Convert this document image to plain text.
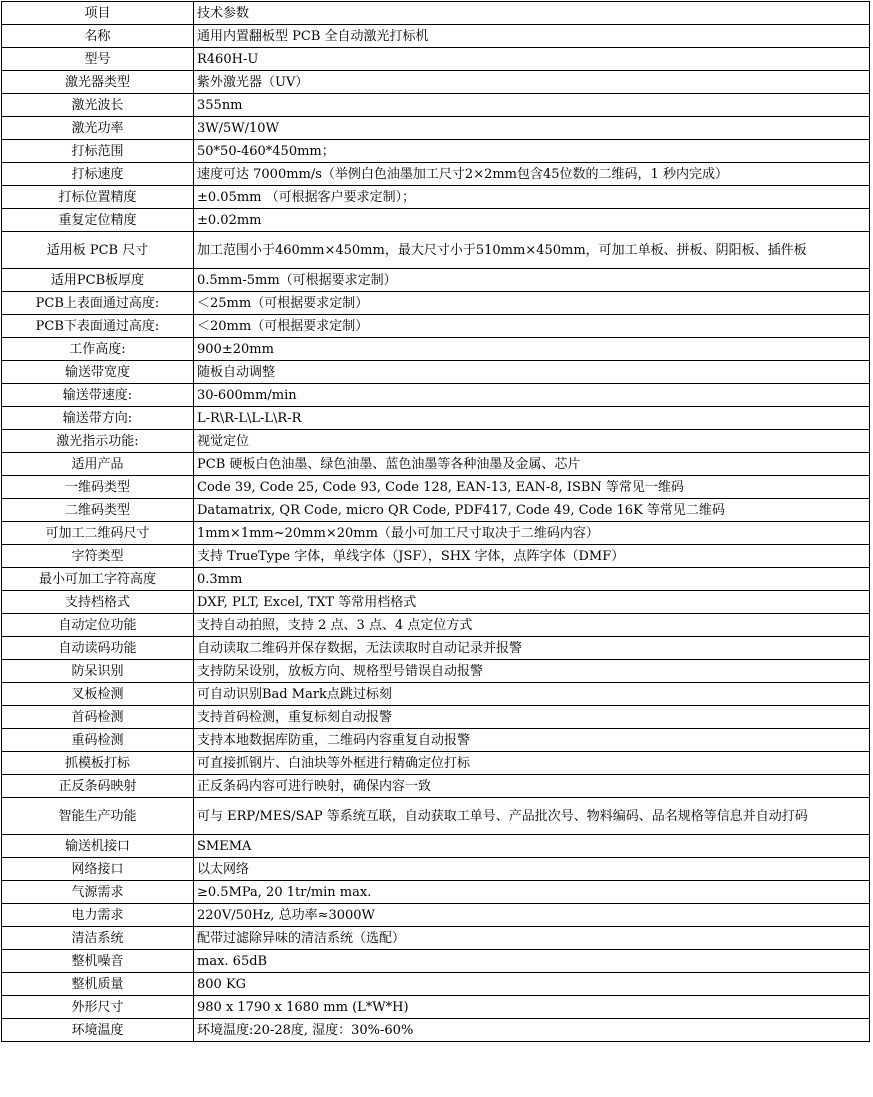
项目	技术参数
名称	通用内置翻板型 PCB 全自动激光打标机
型号	R460H-U
激光器类型	紫外激光器（UV）
激光波长	355nm
激光功率	3W/5W/10W
打标范围	50*50-460*450mm；
打标速度	速度可达 7000mm/s（举例白色油墨加工尺寸2×2mm包含45位数的二维码，1 秒内完成）
打标位置精度	±0.05mm （可根据客户要求定制）；
重复定位精度	±0.02mm
适用板 PCB 尺寸	加工范围小于460mm×450mm，最大尺寸小于510mm×450mm，可加工单板、拼板、阴阳板、插件板
适用PCB板厚度	0.5mm-5mm（可根据要求定制）
PCB上表面通过高度:	＜25mm（可根据要求定制）
PCB下表面通过高度:	＜20mm（可根据要求定制）
工作高度:	900±20mm
输送带宽度	随板自动调整
输送带速度:	30-600mm/min
输送带方向:	L-R\R-L\L-L\R-R
激光指示功能:	视觉定位
适用产品	PCB 硬板白色油墨、绿色油墨、蓝色油墨等各种油墨及金属、芯片
一维码类型	Code 39, Code 25, Code 93, Code 128, EAN-13, EAN-8, ISBN 等常见一维码
二维码类型	Datamatrix, QR Code, micro QR Code, PDF417, Code 49, Code 16K 等常见二维码
可加工二维码尺寸	1mm×1mm~20mm×20mm（最小可加工尺寸取决于二维码内容）
字符类型	支持 TrueType 字体，单线字体（JSF），SHX 字体，点阵字体（DMF）
最小可加工字符高度	0.3mm
支持档格式	DXF, PLT, Excel, TXT 等常用档格式
自动定位功能	支持自动拍照，支持 2 点、3 点、4 点定位方式
自动读码功能	自动读取二维码并保存数据，无法读取时自动记录并报警
防呆识别	支持防呆设别，放板方向、规格型号错误自动报警
叉板检测	可自动识别Bad Mark点跳过标刻
首码检测	支持首码检测，重复标刻自动报警
重码检测	支持本地数据库防重，二维码内容重复自动报警
抓模板打标	可直接抓钢片、白油块等外框进行精确定位打标
正反条码映射	正反条码内容可进行映射，确保内容一致
智能生产功能	可与 ERP/MES/SAP 等系统互联，自动获取工单号、产品批次号、物料编码、品名规格等信息并自动打码
输送机接口	SMEMA
网络接口	以太网络
气源需求	≥0.5MPa, 20 1tr/min max.
电力需求	220V/50Hz, 总功率≈3000W
清洁系统	配带过滤除异味的清洁系统（选配）
整机噪音	max. 65dB
整机质量	800 KG
外形尺寸	980 x 1790 x 1680 mm (L*W*H)
环境温度	环境温度:20-28度, 湿度：30%-60%
